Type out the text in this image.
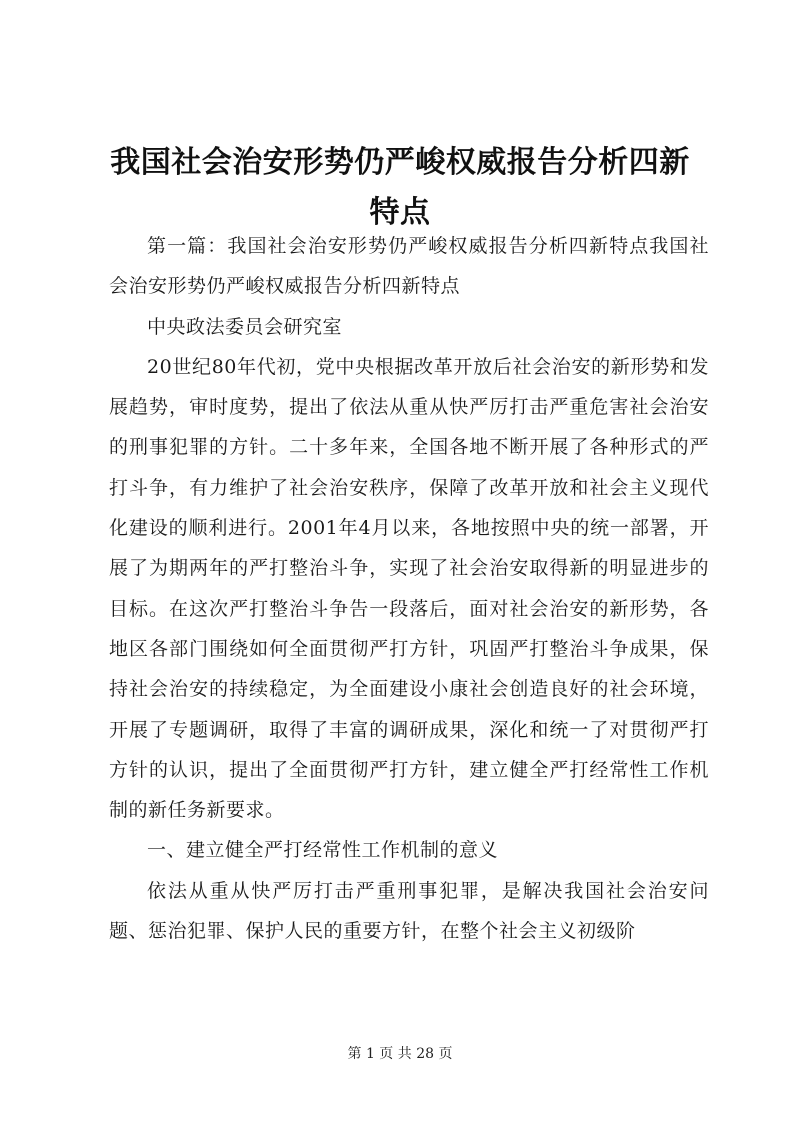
我国社会治安形势仍严峻权威报告分析四新特点

第一篇：我国社会治安形势仍严峻权威报告分析四新特点我国社会治安形势仍严峻权威报告分析四新特点

中央政法委员会研究室

20世纪80年代初，党中央根据改革开放后社会治安的新形势和发展趋势，审时度势，提出了依法从重从快严厉打击严重危害社会治安的刑事犯罪的方针。二十多年来，全国各地不断开展了各种形式的严打斗争，有力维护了社会治安秩序，保障了改革开放和社会主义现代化建设的顺利进行。2001年4月以来，各地按照中央的统一部署，开展了为期两年的严打整治斗争，实现了社会治安取得新的明显进步的目标。在这次严打整治斗争告一段落后，面对社会治安的新形势，各地区各部门围绕如何全面贯彻严打方针，巩固严打整治斗争成果，保持社会治安的持续稳定，为全面建设小康社会创造良好的社会环境，开展了专题调研，取得了丰富的调研成果，深化和统一了对贯彻严打方针的认识，提出了全面贯彻严打方针，建立健全严打经常性工作机制的新任务新要求。

一、建立健全严打经常性工作机制的意义

依法从重从快严厉打击严重刑事犯罪，是解决我国社会治安问题、惩治犯罪、保护人民的重要方针，在整个社会主义初级阶

第 1 页 共 28 页
